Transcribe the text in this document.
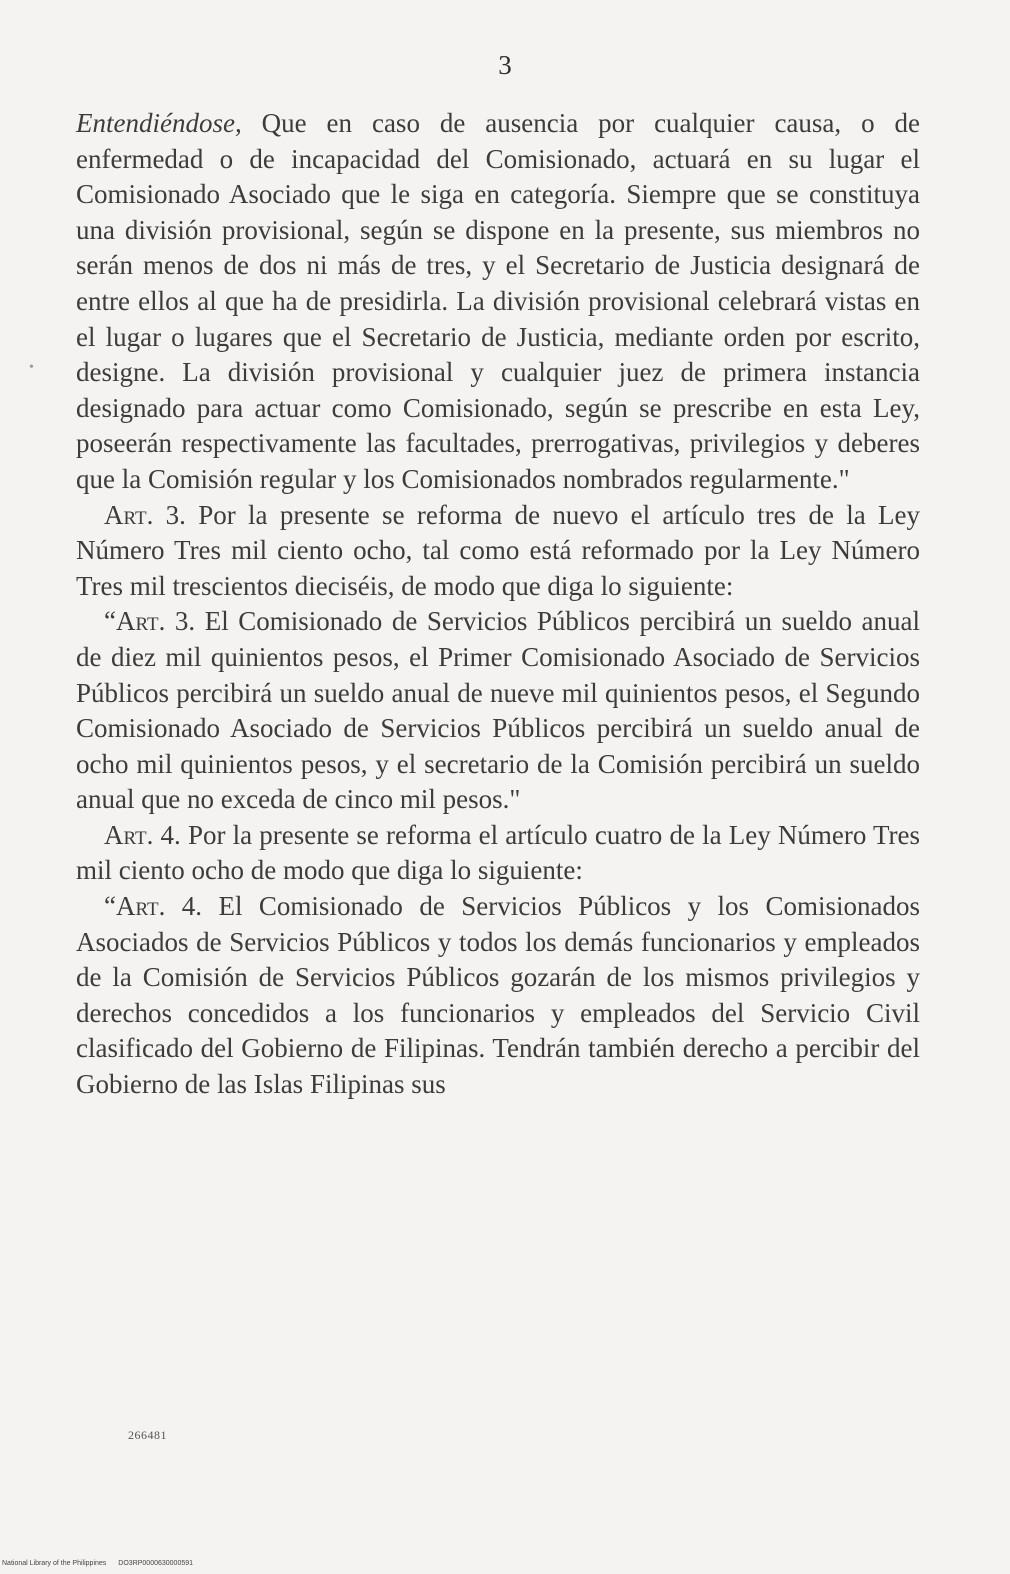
3
•

Entendiéndose, Que en caso de ausencia por cualquier causa, o de enfermedad o de incapacidad del Comisionado, actuará en su lugar el Comisionado Asociado que le siga en categoría. Siempre que se constituya una división provisional, según se dispone en la presente, sus miembros no serán menos de dos ni más de tres, y el Secretario de Justicia designará de entre ellos al que ha de presidirla. La división provisional celebrará vistas en el lugar o lugares que el Secretario de Justicia, mediante orden por escrito, designe. La división provisional y cualquier juez de primera instancia designado para actuar como Comisionado, según se prescribe en esta Ley, poseerán respectivamente las facultades, prerrogativas, privilegios y deberes que la Comisión regular y los Comisionados nombrados regularmente."

Art. 3. Por la presente se reforma de nuevo el artículo tres de la Ley Número Tres mil ciento ocho, tal como está reformado por la Ley Número Tres mil trescientos dieciséis, de modo que diga lo siguiente:

“Art. 3. El Comisionado de Servicios Públicos percibirá un sueldo anual de diez mil quinientos pesos, el Primer Comisionado Asociado de Servicios Públicos percibirá un sueldo anual de nueve mil quinientos pesos, el Segundo Comisionado Asociado de Servicios Públicos percibirá un sueldo anual de ocho mil quinientos pesos, y el secretario de la Comisión percibirá un sueldo anual que no exceda de cinco mil pesos."

Art. 4. Por la presente se reforma el artículo cuatro de la Ley Número Tres mil ciento ocho de modo que diga lo siguiente:

“Art. 4. El Comisionado de Servicios Públicos y los Comisionados Asociados de Servicios Públicos y todos los demás funcionarios y empleados de la Comisión de Servicios Públicos gozarán de los mismos privilegios y derechos concedidos a los funcionarios y empleados del Servicio Civil clasificado del Gobierno de Filipinas. Tendrán también derecho a percibir del Gobierno de las Islas Filipinas sus

266481
National Library of the Philippines DO3RP0000630000591
